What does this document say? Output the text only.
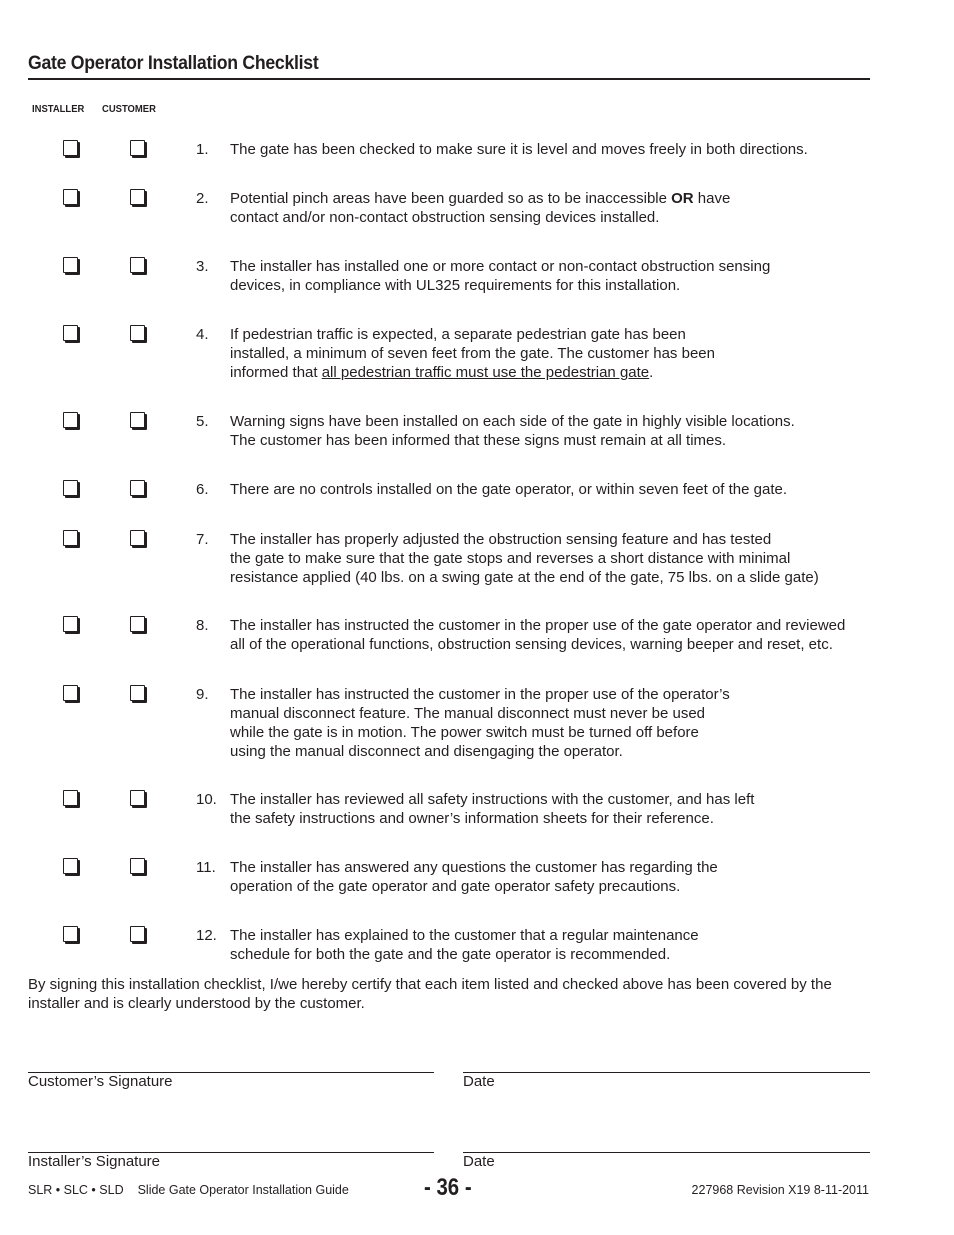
Gate Operator Installation Checklist
INSTALLER CUSTOMER
1. The gate has been checked to make sure it is level and moves freely in both directions.
2. Potential pinch areas have been guarded so as to be inaccessible OR have
contact and/or non-contact obstruction sensing devices installed.
3. The installer has installed one or more contact or non-contact obstruction sensing
devices, in compliance with UL325 requirements for this installation.
4. If pedestrian traffic is expected, a separate pedestrian gate has been
installed, a minimum of seven feet from the gate. The customer has been
informed that all pedestrian traffic must use the pedestrian gate.
5. Warning signs have been installed on each side of the gate in highly visible locations.
The customer has been informed that these signs must remain at all times.
6. There are no controls installed on the gate operator, or within seven feet of the gate.
7. The installer has properly adjusted the obstruction sensing feature and has tested
the gate to make sure that the gate stops and reverses a short distance with minimal
resistance applied (40 lbs. on a swing gate at the end of the gate, 75 lbs. on a slide gate)
8. The installer has instructed the customer in the proper use of the gate operator and reviewed
all of the operational functions, obstruction sensing devices, warning beeper and reset, etc.
9. The installer has instructed the customer in the proper use of the operator’s
manual disconnect feature. The manual disconnect must never be used
while the gate is in motion. The power switch must be turned off before
using the manual disconnect and disengaging the operator.
10. The installer has reviewed all safety instructions with the customer, and has left
the safety instructions and owner’s information sheets for their reference.
11. The installer has answered any questions the customer has regarding the
operation of the gate operator and gate operator safety precautions.
12. The installer has explained to the customer that a regular maintenance
schedule for both the gate and the gate operator is recommended.
By signing this installation checklist, I/we hereby certify that each item listed and checked above has been covered by the installer and is clearly understood by the customer.
Customer’s Signature	Date
Installer’s Signature	Date
SLR • SLC • SLD Slide Gate Operator Installation Guide	- 36 -	227968 Revision X19 8-11-2011
